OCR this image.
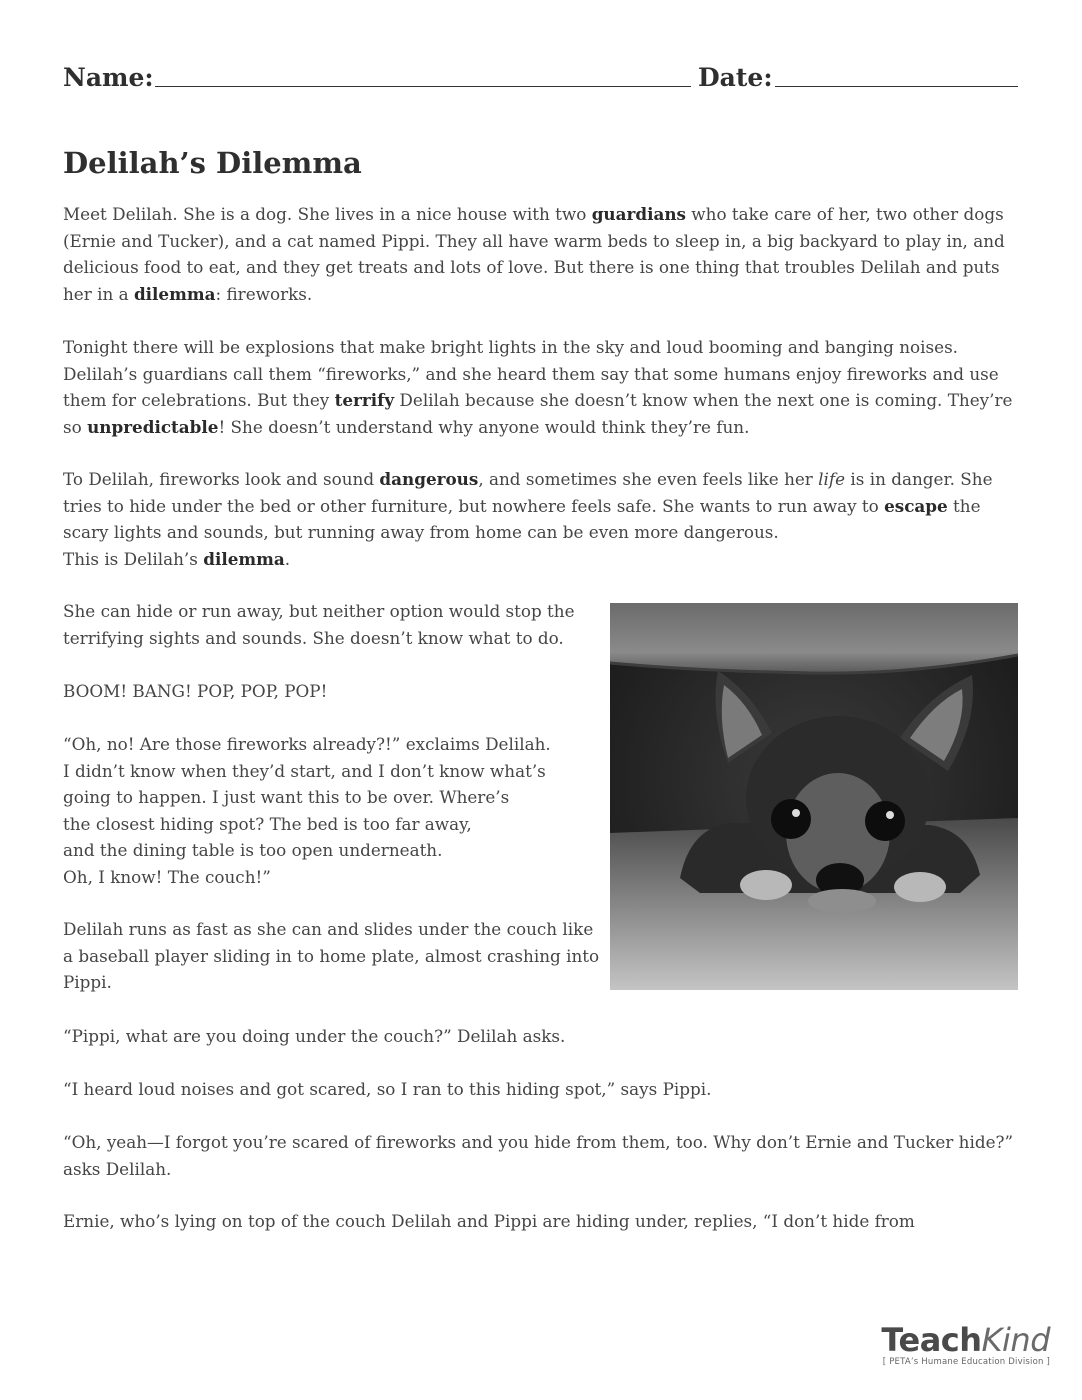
Name:	Date:
Delilah’s Dilemma

Meet Delilah. She is a dog. She lives in a nice house with two guardians who take care of her, two other dogs (Ernie and Tucker), and a cat named Pippi. They all have warm beds to sleep in, a big backyard to play in, and delicious food to eat, and they get treats and lots of love. But there is one thing that troubles Delilah and puts her in a dilemma: fireworks.

Tonight there will be explosions that make bright lights in the sky and loud booming and banging noises. Delilah’s guardians call them “fireworks,” and she heard them say that some humans enjoy fireworks and use them for celebrations. But they terrify Delilah because she doesn’t know when the next one is coming. They’re so unpredictable! She doesn’t understand why anyone would think they’re fun.

To Delilah, fireworks look and sound dangerous, and sometimes she even feels like her life is in danger. She tries to hide under the bed or other furniture, but nowhere feels safe. She wants to run away to escape the scary lights and sounds, but running away from home can be even more dangerous.
This is Delilah’s dilemma.

She can hide or run away, but neither option would stop the terrifying sights and sounds. She doesn’t know what to do.

BOOM! BANG! POP, POP, POP!

“Oh, no! Are those fireworks already?!” exclaims Delilah.
I didn’t know when they’d start, and I don’t know what’s
going to happen. I just want this to be over. Where’s
the closest hiding spot? The bed is too far away,
and the dining table is too open underneath.
Oh, I know! The couch!”

Delilah runs as fast as she can and slides under the couch like a baseball player sliding in to home plate, almost crashing into Pippi.

“Pippi, what are you doing under the couch?” Delilah asks.

“I heard loud noises and got scared, so I ran to this hiding spot,” says Pippi.

“Oh, yeah—I forgot you’re scared of fireworks and you hide from them, too. Why don’t Ernie and Tucker hide?” asks Delilah.

Ernie, who’s lying on top of the couch Delilah and Pippi are hiding under, replies, “I don’t hide from

TeachKind
[ PETA’s Humane Education Division ]
